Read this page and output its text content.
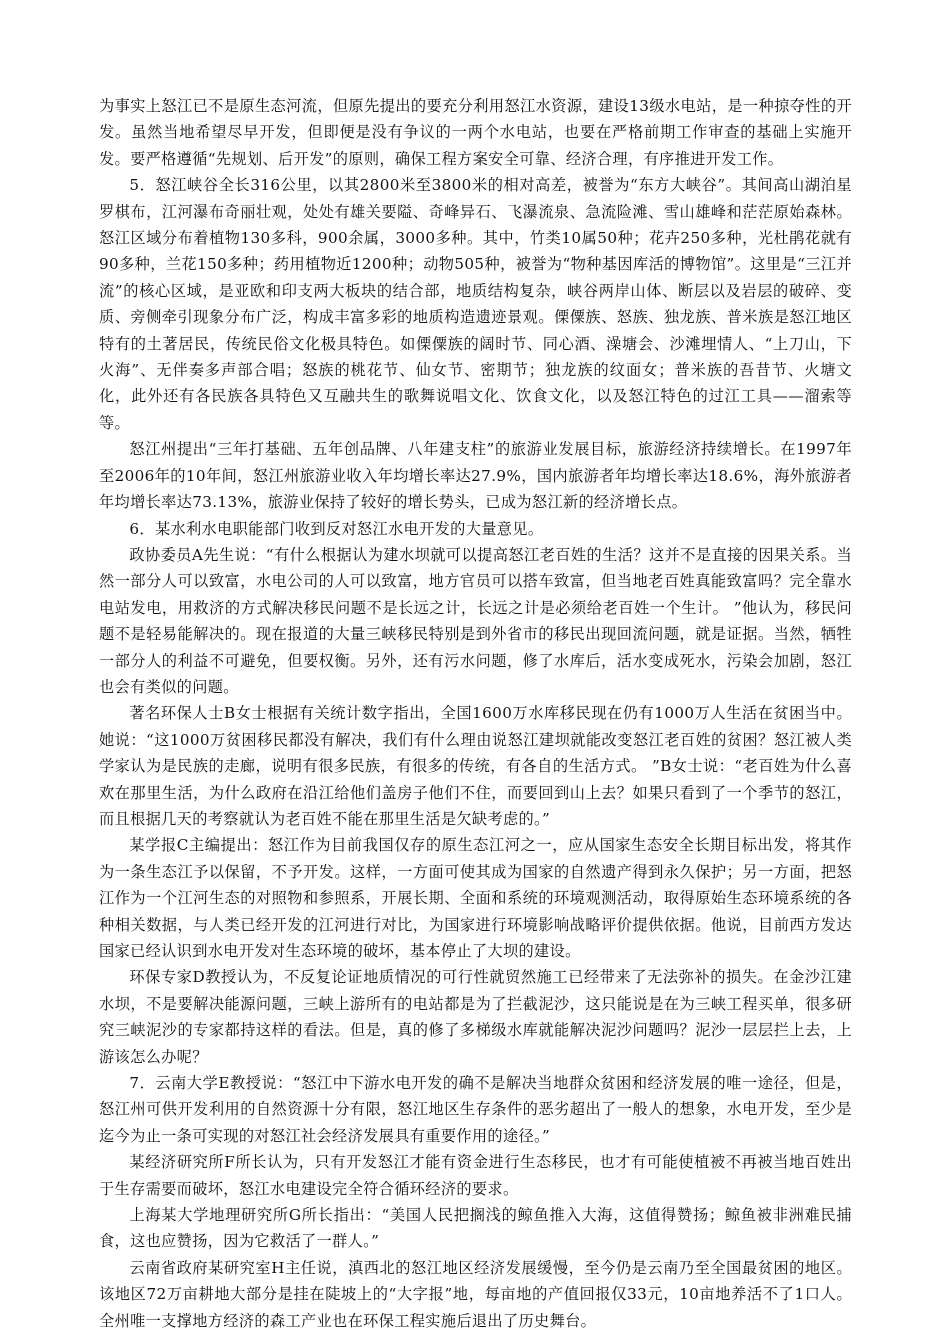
为事实上怒江已不是原生态河流，但原先提出的要充分利用怒江水资源，建设13级水电站，是一种掠夺性的开发。虽然当地希望尽早开发，但即便是没有争议的一两个水电站，也要在严格前期工作审查的基础上实施开发。要严格遵循“先规划、后开发”的原则，确保工程方案安全可靠、经济合理，有序推进开发工作。

5．怒江峡谷全长316公里，以其2800米至3800米的相对高差，被誉为“东方大峡谷”。其间高山湖泊星罗棋布，江河瀑布奇丽壮观，处处有雄关要隘、奇峰异石、飞瀑流泉、急流险滩、雪山雄峰和茫茫原始森林。怒江区域分布着植物130多科，900余属，3000多种。其中，竹类10属50种；花卉250多种，光杜鹃花就有90多种，兰花150多种；药用植物近1200种；动物505种，被誉为“物种基因库活的博物馆”。这里是“三江并流”的核心区域，是亚欧和印支两大板块的结合部，地质结构复杂，峡谷两岸山体、断层以及岩层的破碎、变质、旁侧牵引现象分布广泛，构成丰富多彩的地质构造遗迹景观。傈僳族、怒族、独龙族、普米族是怒江地区特有的土著居民，传统民俗文化极具特色。如傈僳族的阔时节、同心酒、澡塘会、沙滩埋情人、“上刀山，下火海”、无伴奏多声部合唱；怒族的桃花节、仙女节、密期节；独龙族的纹面女；普米族的吾昔节、火塘文化，此外还有各民族各具特色又互融共生的歌舞说唱文化、饮食文化，以及怒江特色的过江工具——溜索等等。

怒江州提出“三年打基础、五年创品牌、八年建支柱”的旅游业发展目标，旅游经济持续增长。在1997年至2006年的10年间，怒江州旅游业收入年均增长率达27.9%，国内旅游者年均增长率达18.6%，海外旅游者年均增长率达73.13%，旅游业保持了较好的增长势头，已成为怒江新的经济增长点。

6．某水利水电职能部门收到反对怒江水电开发的大量意见。

政协委员A先生说：“有什么根据认为建水坝就可以提高怒江老百姓的生活？这并不是直接的因果关系。当然一部分人可以致富，水电公司的人可以致富，地方官员可以搭车致富，但当地老百姓真能致富吗？完全靠水电站发电，用救济的方式解决移民问题不是长远之计，长远之计是必须给老百姓一个生计。 ”他认为，移民问题不是轻易能解决的。现在报道的大量三峡移民特别是到外省市的移民出现回流问题，就是证据。当然，牺牲一部分人的利益不可避免，但要权衡。另外，还有污水问题，修了水库后，活水变成死水，污染会加剧，怒江也会有类似的问题。

著名环保人士B女士根据有关统计数字指出，全国1600万水库移民现在仍有1000万人生活在贫困当中。她说：“这1000万贫困移民都没有解决，我们有什么理由说怒江建坝就能改变怒江老百姓的贫困？怒江被人类学家认为是民族的走廊，说明有很多民族，有很多的传统，有各自的生活方式。 ”B女士说：“老百姓为什么喜欢在那里生活，为什么政府在沿江给他们盖房子他们不住，而要回到山上去？如果只看到了一个季节的怒江，而且根据几天的考察就认为老百姓不能在那里生活是欠缺考虑的。”

某学报C主编提出：怒江作为目前我国仅存的原生态江河之一，应从国家生态安全长期目标出发，将其作为一条生态江予以保留，不予开发。这样，一方面可使其成为国家的自然遗产得到永久保护；另一方面，把怒江作为一个江河生态的对照物和参照系，开展长期、全面和系统的环境观测活动，取得原始生态环境系统的各种相关数据，与人类已经开发的江河进行对比，为国家进行环境影响战略评价提供依据。他说，目前西方发达国家已经认识到水电开发对生态环境的破坏，基本停止了大坝的建设。

环保专家D教授认为，不反复论证地质情况的可行性就贸然施工已经带来了无法弥补的损失。在金沙江建水坝，不是要解决能源问题，三峡上游所有的电站都是为了拦截泥沙，这只能说是在为三峡工程买单，很多研究三峡泥沙的专家都持这样的看法。但是，真的修了多梯级水库就能解决泥沙问题吗？泥沙一层层拦上去，上游该怎么办呢？

7．云南大学E教授说：“怒江中下游水电开发的确不是解决当地群众贫困和经济发展的唯一途径，但是，怒江州可供开发利用的自然资源十分有限，怒江地区生存条件的恶劣超出了一般人的想象，水电开发，至少是迄今为止一条可实现的对怒江社会经济发展具有重要作用的途径。”

某经济研究所F所长认为，只有开发怒江才能有资金进行生态移民，也才有可能使植被不再被当地百姓出于生存需要而破坏，怒江水电建设完全符合循环经济的要求。

上海某大学地理研究所G所长指出：“美国人民把搁浅的鲸鱼推入大海，这值得赞扬；鲸鱼被非洲难民捕食，这也应赞扬，因为它救活了一群人。”

云南省政府某研究室H主任说，滇西北的怒江地区经济发展缓慢，至今仍是云南乃至全国最贫困的地区。该地区72万亩耕地大部分是挂在陡坡上的“大字报”地，每亩地的产值回报仅33元，10亩地养活不了1口人。全州唯一支撑地方经济的森工产业也在环保工程实施后退出了历史舞台。
